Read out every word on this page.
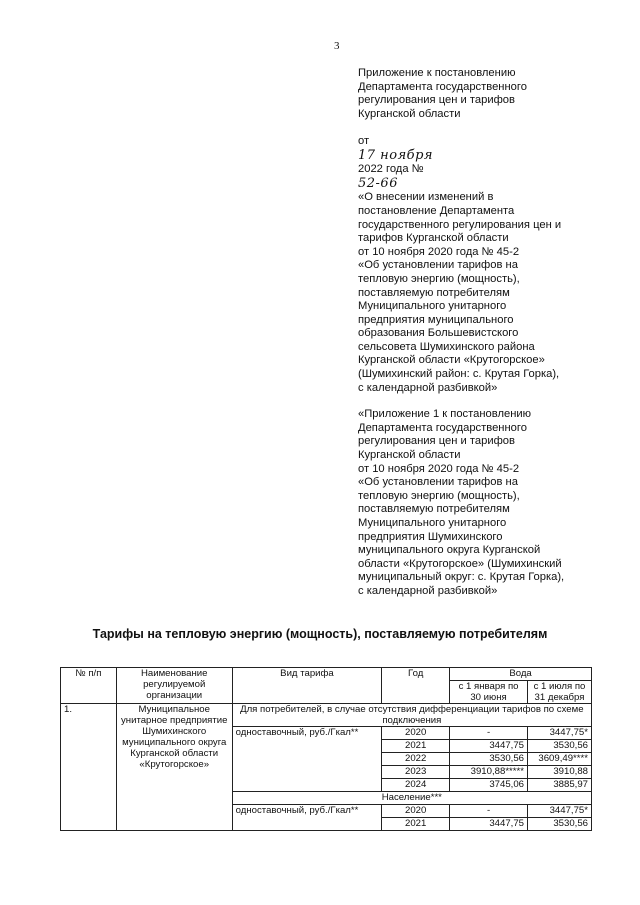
3

Приложение к постановлению
Департамента государственного
регулирования цен и тарифов
Курганской области

от
17 ноября
2022 года №
52-66

«О внесении изменений в
постановление Департамента
государственного регулирования цен и
тарифов Курганской области
от 10 ноября 2020 года № 45-2
«Об установлении тарифов на
тепловую энергию (мощность),
поставляемую потребителям
Муниципального унитарного
предприятия муниципального
образования Большевистского
сельсовета Шумихинского района
Курганской области «Крутогорское»
(Шумихинский район: с. Крутая Горка),
с календарной разбивкой»

«Приложение 1 к постановлению
Департамента государственного
регулирования цен и тарифов
Курганской области
от 10 ноября 2020 года № 45-2
«Об установлении тарифов на
тепловую энергию (мощность),
поставляемую потребителям
Муниципального унитарного
предприятия Шумихинского
муниципального округа Курганской
области «Крутогорское» (Шумихинский
муниципальный округ: с. Крутая Горка),
с календарной разбивкой»

Тарифы на тепловую энергию (мощность), поставляемую потребителям
№ п/п	Наименование регулируемой организации	Вид тарифа	Год	Вода	
				с 1 января по 30 июня	с 1 июля по 31 декабря
1.	Муниципальное унитарное предприятие Шумихинского муниципального округа Курганской области «Крутогорское»	Для потребителей, в случае отсутствия дифференциации тарифов по схеме подключения			
		одноставочный, руб./Гкал**	2020	-	3447,75*
			2021	3447,75	3530,56
			2022	3530,56	3609,49****
			2023	3910,88*****	3910,88
			2024	3745,06	3885,97
		Население***			
		одноставочный, руб./Гкал**	2020	-	3447,75*
			2021	3447,75	3530,56
